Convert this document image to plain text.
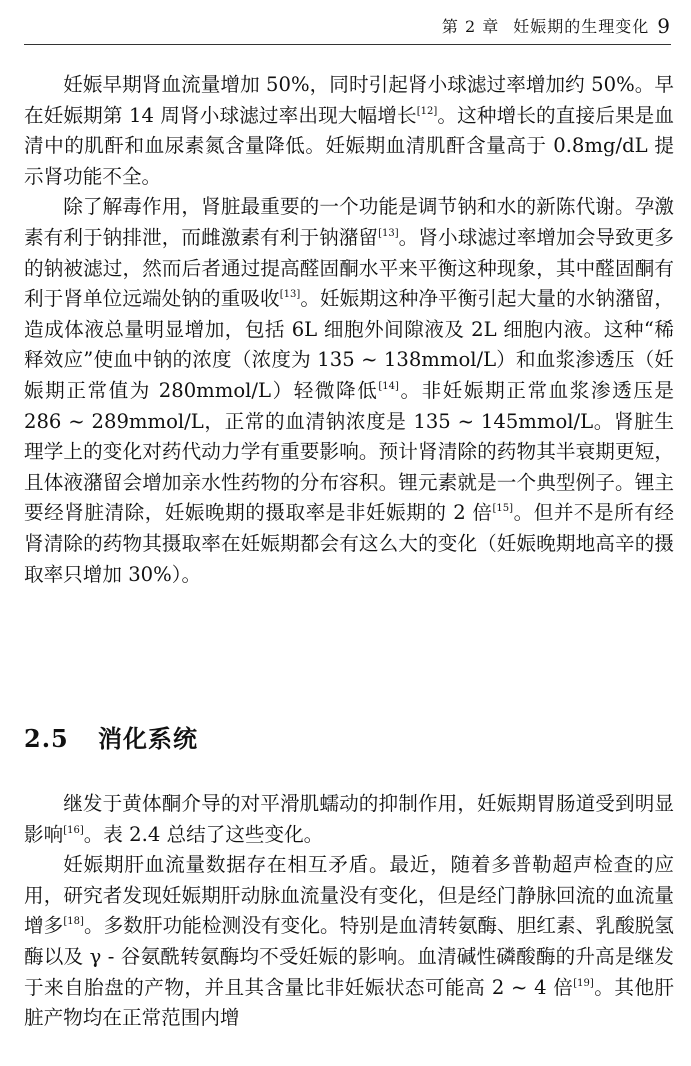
第 2 章 妊娠期的生理变化 9

妊娠早期肾血流量增加 50%，同时引起肾小球滤过率增加约 50%。早在妊娠期第 14 周肾小球滤过率出现大幅增长[12]。这种增长的直接后果是血清中的肌酐和血尿素氮含量降低。妊娠期血清肌酐含量高于 0.8mg/dL 提示肾功能不全。

除了解毒作用，肾脏最重要的一个功能是调节钠和水的新陈代谢。孕激素有利于钠排泄，而雌激素有利于钠潴留[13]。肾小球滤过率增加会导致更多的钠被滤过，然而后者通过提高醛固酮水平来平衡这种现象，其中醛固酮有利于肾单位远端处钠的重吸收[13]。妊娠期这种净平衡引起大量的水钠潴留，造成体液总量明显增加，包括 6L 细胞外间隙液及 2L 细胞内液。这种“稀释效应”使血中钠的浓度（浓度为 135 ~ 138mmol/L）和血浆渗透压（妊娠期正常值为 280mmol/L）轻微降低[14]。非妊娠期正常血浆渗透压是 286 ~ 289mmol/L，正常的血清钠浓度是 135 ~ 145mmol/L。肾脏生理学上的变化对药代动力学有重要影响。预计肾清除的药物其半衰期更短，且体液潴留会增加亲水性药物的分布容积。锂元素就是一个典型例子。锂主要经肾脏清除，妊娠晚期的摄取率是非妊娠期的 2 倍[15]。但并不是所有经肾清除的药物其摄取率在妊娠期都会有这么大的变化（妊娠晚期地高辛的摄取率只增加 30%）。

2.5 消化系统

继发于黄体酮介导的对平滑肌蠕动的抑制作用，妊娠期胃肠道受到明显影响[16]。表 2.4 总结了这些变化。

妊娠期肝血流量数据存在相互矛盾。最近，随着多普勒超声检查的应用，研究者发现妊娠期肝动脉血流量没有变化，但是经门静脉回流的血流量增多[18]。多数肝功能检测没有变化。特别是血清转氨酶、胆红素、乳酸脱氢酶以及 γ - 谷氨酰转氨酶均不受妊娠的影响。血清碱性磷酸酶的升高是继发于来自胎盘的产物，并且其含量比非妊娠状态可能高 2 ~ 4 倍[19]。其他肝脏产物均在正常范围内增
